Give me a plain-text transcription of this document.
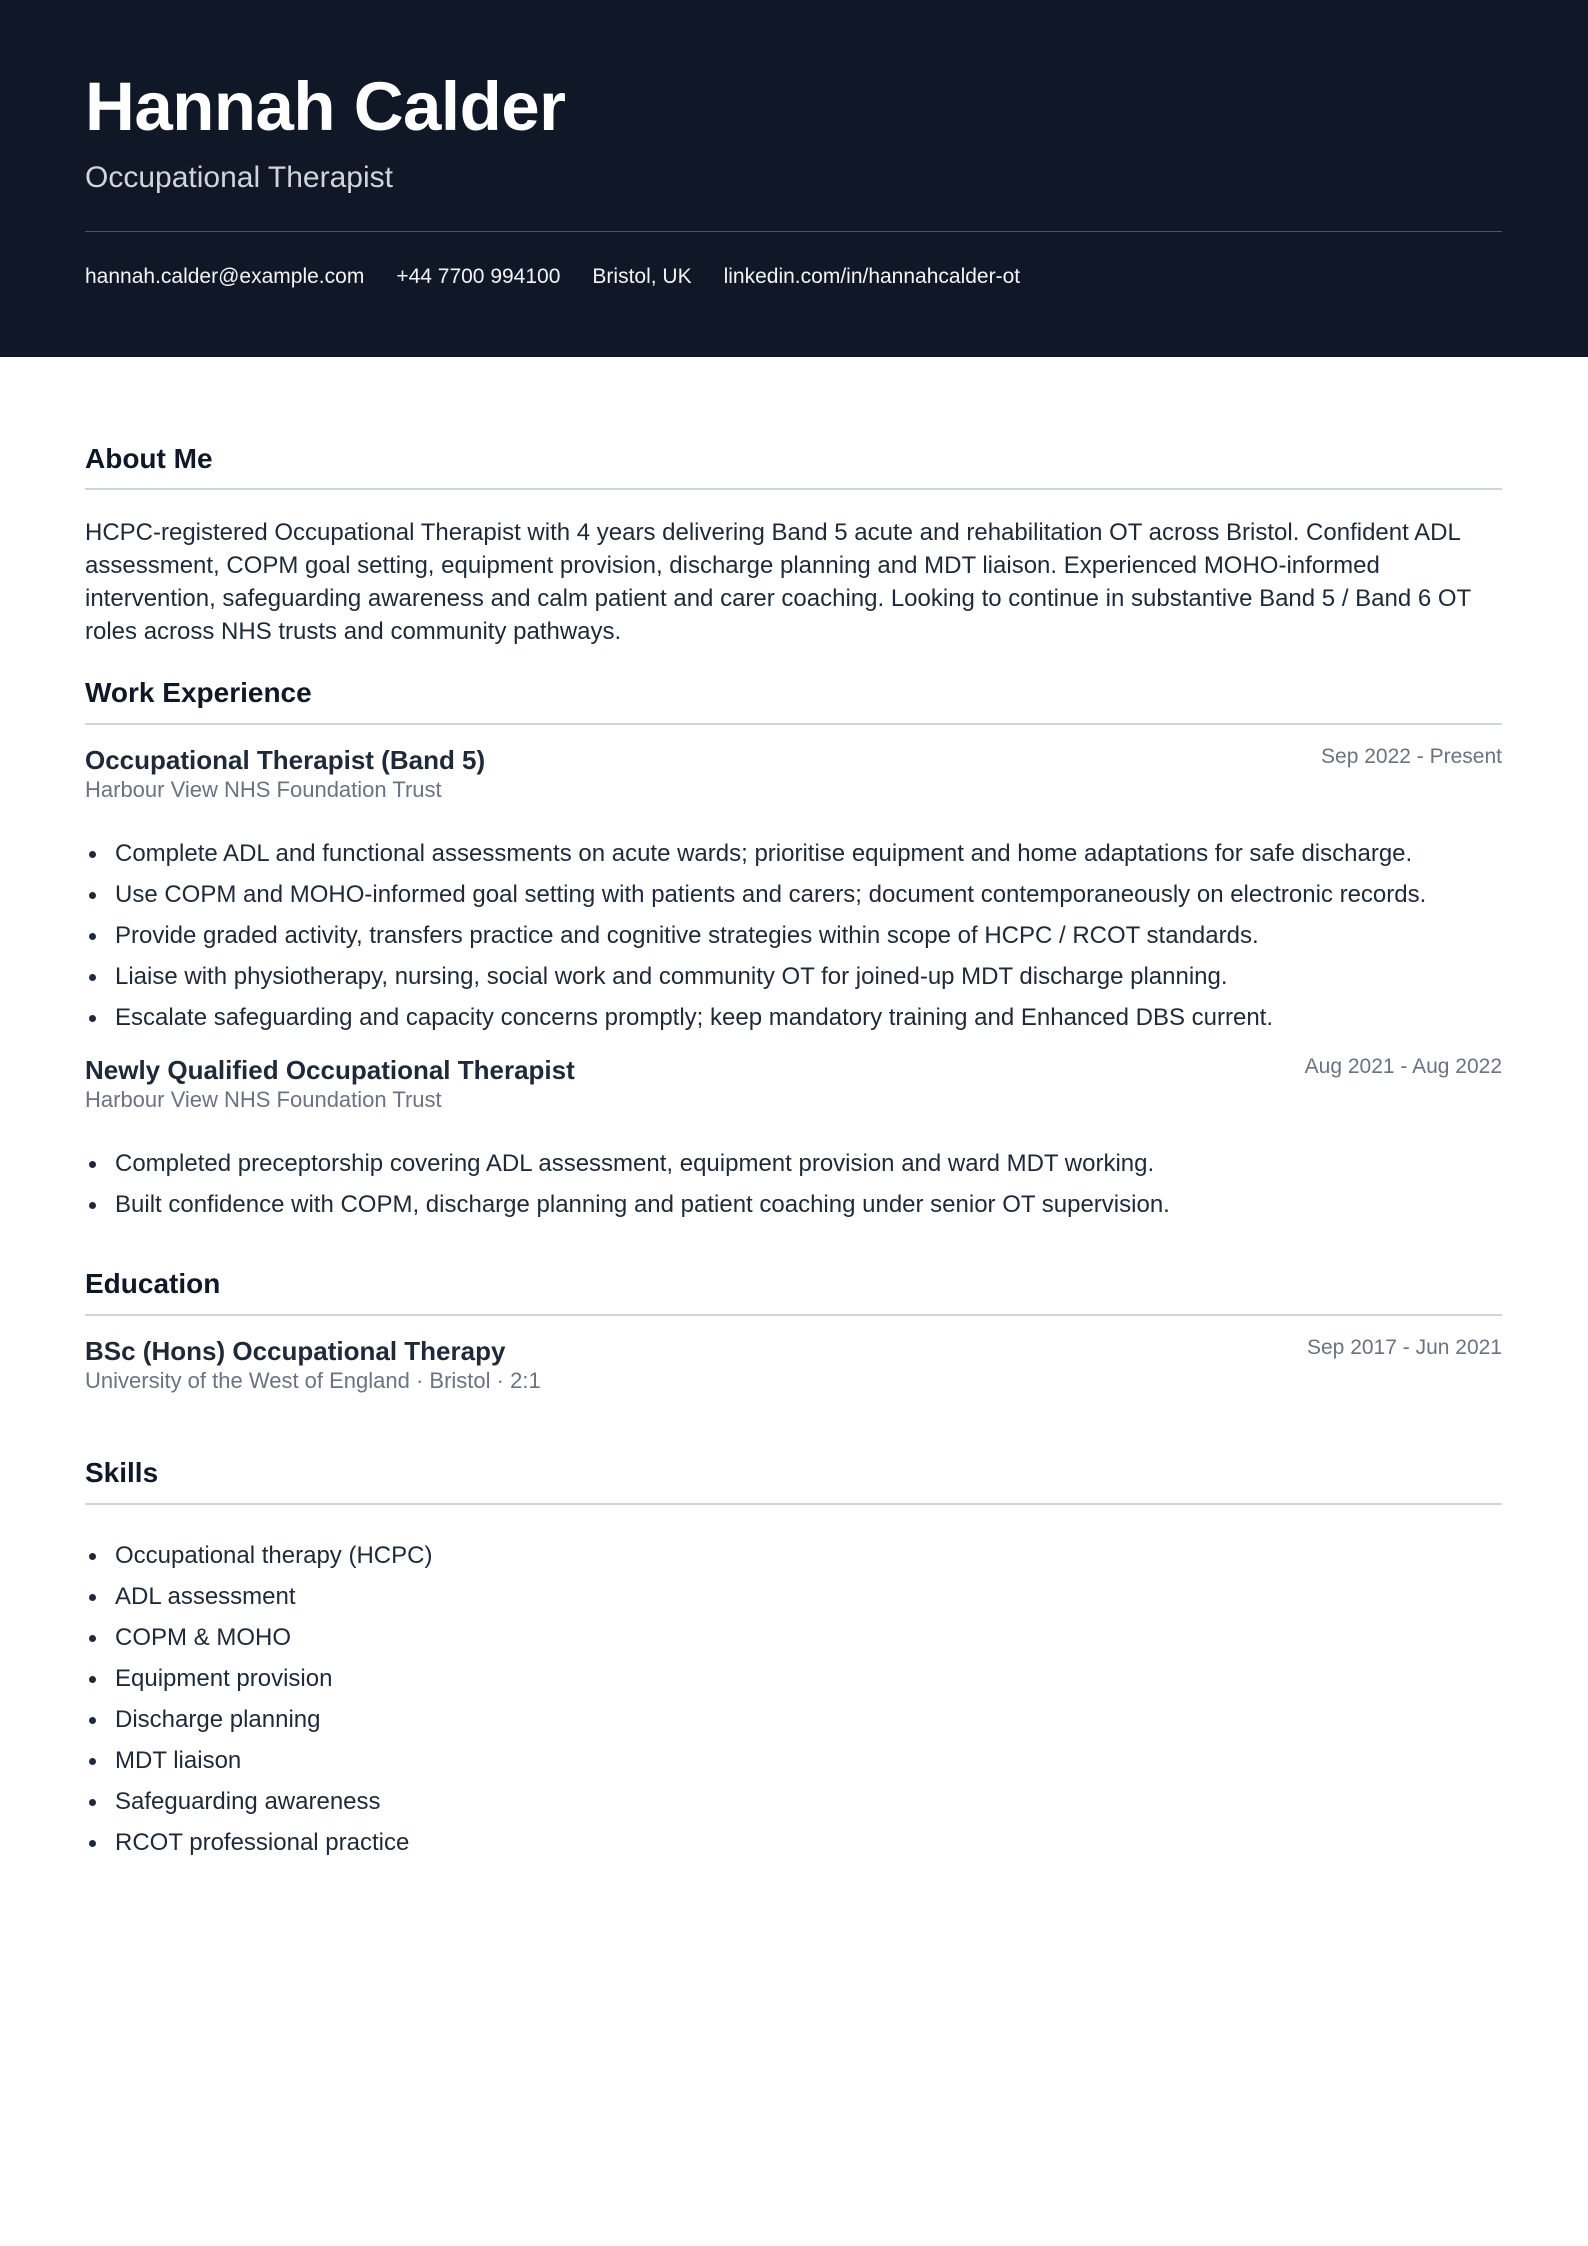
Hannah Calder
Occupational Therapist
hannah.calder@example.com +44 7700 994100 Bristol, UK linkedin.com/in/hannahcalder-ot
About Me
HCPC-registered Occupational Therapist with 4 years delivering Band 5 acute and rehabilitation OT across Bristol. Confident ADL assessment, COPM goal setting, equipment provision, discharge planning and MDT liaison. Experienced MOHO-informed intervention, safeguarding awareness and calm patient and carer coaching. Looking to continue in substantive Band 5 / Band 6 OT roles across NHS trusts and community pathways.
Work Experience
Occupational Therapist (Band 5)	Sep 2022 - Present
Harbour View NHS Foundation Trust
Complete ADL and functional assessments on acute wards; prioritise equipment and home adaptations for safe discharge.
Use COPM and MOHO-informed goal setting with patients and carers; document contemporaneously on electronic records.
Provide graded activity, transfers practice and cognitive strategies within scope of HCPC / RCOT standards.
Liaise with physiotherapy, nursing, social work and community OT for joined-up MDT discharge planning.
Escalate safeguarding and capacity concerns promptly; keep mandatory training and Enhanced DBS current.
Newly Qualified Occupational Therapist	Aug 2021 - Aug 2022
Harbour View NHS Foundation Trust
Completed preceptorship covering ADL assessment, equipment provision and ward MDT working.
Built confidence with COPM, discharge planning and patient coaching under senior OT supervision.
Education
BSc (Hons) Occupational Therapy	Sep 2017 - Jun 2021
University of the West of England · Bristol · 2:1
Skills
Occupational therapy (HCPC)
ADL assessment
COPM & MOHO
Equipment provision
Discharge planning
MDT liaison
Safeguarding awareness
RCOT professional practice
